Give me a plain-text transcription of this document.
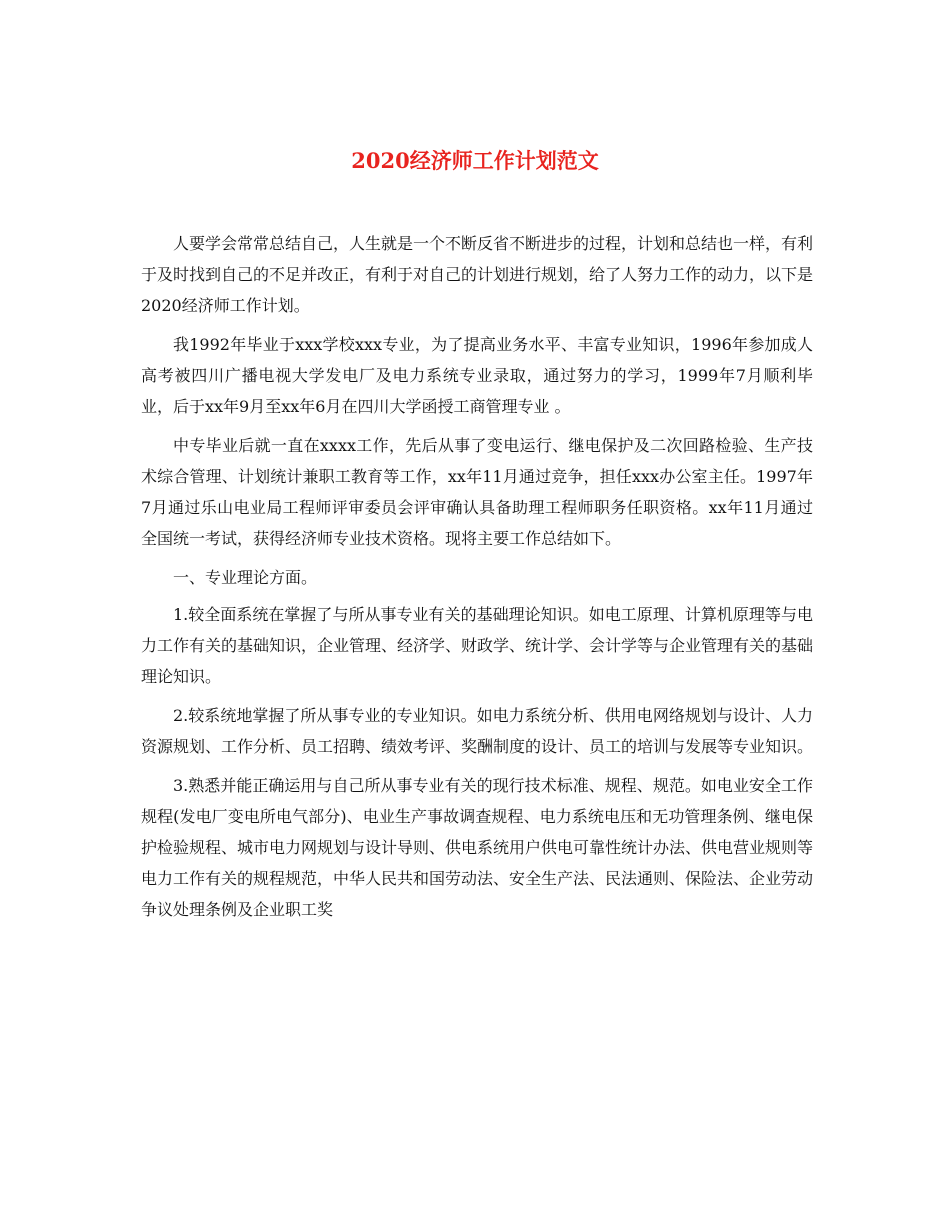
2020经济师工作计划范文

人要学会常常总结自己，人生就是一个不断反省不断进步的过程，计划和总结也一样，有利于及时找到自己的不足并改正，有利于对自己的计划进行规划，给了人努力工作的动力，以下是2020经济师工作计划。

我1992年毕业于xxx学校xxx专业，为了提高业务水平、丰富专业知识，1996年参加成人高考被四川广播电视大学发电厂及电力系统专业录取，通过努力的学习，1999年7月顺利毕业，后于xx年9月至xx年6月在四川大学函授工商管理专业 。

中专毕业后就一直在xxxx工作，先后从事了变电运行、继电保护及二次回路检验、生产技术综合管理、计划统计兼职工教育等工作，xx年11月通过竞争，担任xxx办公室主任。1997年7月通过乐山电业局工程师评审委员会评审确认具备助理工程师职务任职资格。xx年11月通过全国统一考试，获得经济师专业技术资格。现将主要工作总结如下。

一、专业理论方面。

1.较全面系统在掌握了与所从事专业有关的基础理论知识。如电工原理、计算机原理等与电力工作有关的基础知识，企业管理、经济学、财政学、统计学、会计学等与企业管理有关的基础理论知识。

2.较系统地掌握了所从事专业的专业知识。如电力系统分析、供用电网络规划与设计、人力资源规划、工作分析、员工招聘、绩效考评、奖酬制度的设计、员工的培训与发展等专业知识。

3.熟悉并能正确运用与自己所从事专业有关的现行技术标准、规程、规范。如电业安全工作规程(发电厂变电所电气部分)、电业生产事故调查规程、电力系统电压和无功管理条例、继电保护检验规程、城市电力网规划与设计导则、供电系统用户供电可靠性统计办法、供电营业规则等电力工作有关的规程规范，中华人民共和国劳动法、安全生产法、民法通则、保险法、企业劳动争议处理条例及企业职工奖
